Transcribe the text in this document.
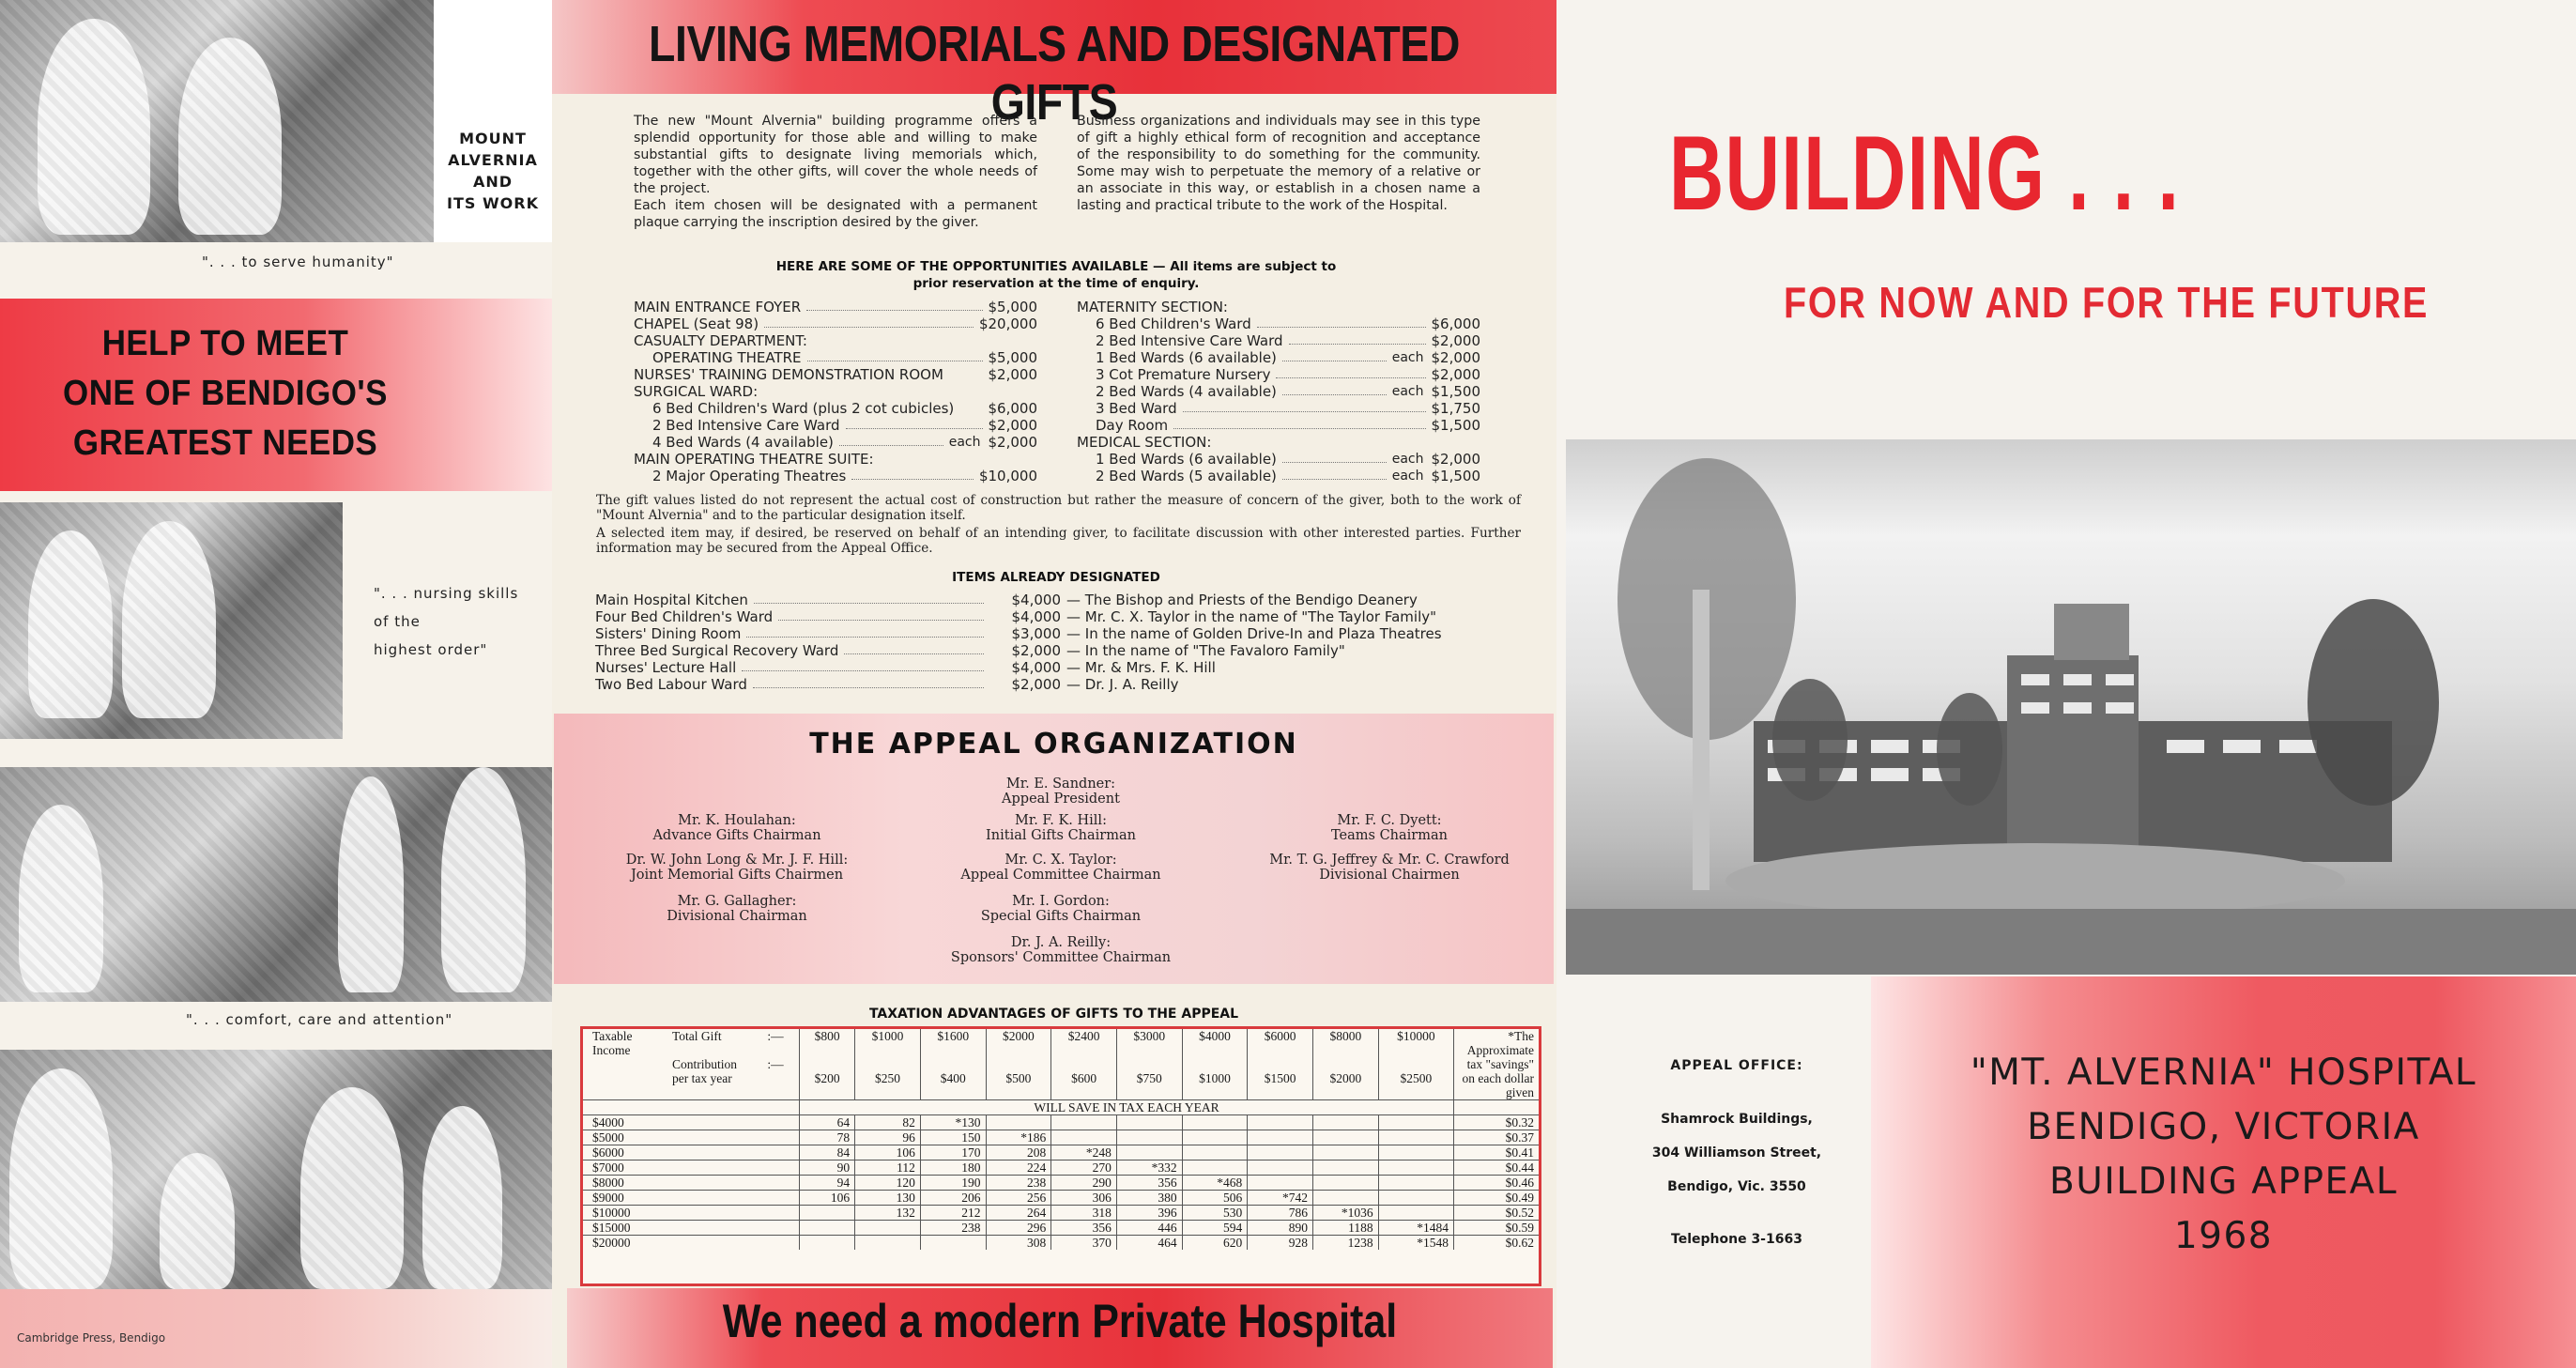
MOUNT
ALVERNIA
AND
ITS WORK
". . . to serve humanity"
HELP TO MEET
ONE OF BENDIGO'S
GREATEST NEEDS
". . . nursing skills
of the
highest order"
". . . comfort, care and attention"
Cambridge Press, Bendigo
LIVING MEMORIALS AND DESIGNATED GIFTS
The new "Mount Alvernia" building programme offers a splendid opportunity for those able and willing to make substantial gifts to designate living memorials which, together with the other gifts, will cover the whole needs of the project.
Each item chosen will be designated with a permanent plaque carrying the inscription desired by the giver.
Business organizations and individuals may see in this type of gift a highly ethical form of recognition and acceptance of the responsibility to do something for the community. Some may wish to perpetuate the memory of a relative or an associate in this way, or establish in a chosen name a lasting and practical tribute to the work of the Hospital.
HERE ARE SOME OF THE OPPORTUNITIES AVAILABLE — All items are subject to
prior reservation at the time of enquiry.
MAIN ENTRANCE FOYER	$5,000
CHAPEL (Seat 98)	$20,000
CASUALTY DEPARTMENT:
OPERATING THEATRE	$5,000
NURSES' TRAINING DEMONSTRATION ROOM	$2,000
SURGICAL WARD:
6 Bed Children's Ward (plus 2 cot cubicles) $6,000
2 Bed Intensive Care Ward	$2,000
4 Bed Wards (4 available)	each $2,000
MAIN OPERATING THEATRE SUITE:
2 Major Operating Theatres	$10,000
MATERNITY SECTION:
6 Bed Children's Ward	$6,000
2 Bed Intensive Care Ward	$2,000
1 Bed Wards (6 available)	each $2,000
3 Cot Premature Nursery	$2,000
2 Bed Wards (4 available)	each $1,500
3 Bed Ward	$1,750
Day Room	$1,500
MEDICAL SECTION:
1 Bed Wards (6 available)	each $2,000
2 Bed Wards (5 available)	each $1,500
The gift values listed do not represent the actual cost of construction but rather the measure of concern of the giver, both to the work of "Mount Alvernia" and to the particular designation itself.
A selected item may, if desired, be reserved on behalf of an intending giver, to facilitate discussion with other interested parties. Further information may be secured from the Appeal Office.
ITEMS ALREADY DESIGNATED
Main Hospital Kitchen	$4,000 — The Bishop and Priests of the Bendigo Deanery
Four Bed Children's Ward	$4,000 — Mr. C. X. Taylor in the name of "The Taylor Family"
Sisters' Dining Room	$3,000 — In the name of Golden Drive-In and Plaza Theatres
Three Bed Surgical Recovery Ward	$2,000 — In the name of "The Favaloro Family"
Nurses' Lecture Hall	$4,000 — Mr. & Mrs. F. K. Hill
Two Bed Labour Ward	$2,000 — Dr. J. A. Reilly
THE APPEAL ORGANIZATION
Mr. E. Sandner:
Appeal President
Mr. K. Houlahan:
Advance Gifts Chairman
Mr. F. K. Hill:
Initial Gifts Chairman
Mr. F. C. Dyett:
Teams Chairman
Dr. W. John Long & Mr. J. F. Hill:
Joint Memorial Gifts Chairmen
Mr. C. X. Taylor:
Appeal Committee Chairman
Mr. T. G. Jeffrey & Mr. C. Crawford
Divisional Chairmen
Mr. G. Gallagher:
Divisional Chairman
Mr. I. Gordon:
Special Gifts Chairman
Dr. J. A. Reilly:
Sponsors' Committee Chairman
TAXATION ADVANTAGES OF GIFTS TO THE APPEAL
Taxable Income	Total Gift	:—	$800	$1000	$1600	$2000	$2400	$3000	$4000	$6000	$8000	$10000	*The Approximate
	Contribution per tax year	:—	$200	$250	$400	$500	$600	$750	$1000	$1500	$2000	$2500	tax "savings" on each dollar given
			WILL SAVE IN TAX EACH YEAR										
$4000			64	82	*130								$0.32
$5000			78	96	150	*186							$0.37
$6000			84	106	170	208	*248						$0.41
$7000			90	112	180	224	270	*332					$0.44
$8000			94	120	190	238	290	356	*468				$0.46
$9000			106	130	206	256	306	380	506	*742			$0.49
$10000				132	212	264	318	396	530	786	*1036		$0.52
$15000					238	296	356	446	594	890	1188	*1484	$0.59
$20000						308	370	464	620	928	1238	*1548	$0.62
We need a modern Private Hospital
BUILDING . . .
FOR NOW AND FOR THE FUTURE
APPEAL OFFICE:
Shamrock Buildings,
304 Williamson Street,
Bendigo, Vic. 3550
Telephone 3-1663
"MT. ALVERNIA" HOSPITAL
BENDIGO, VICTORIA
BUILDING APPEAL
1968
